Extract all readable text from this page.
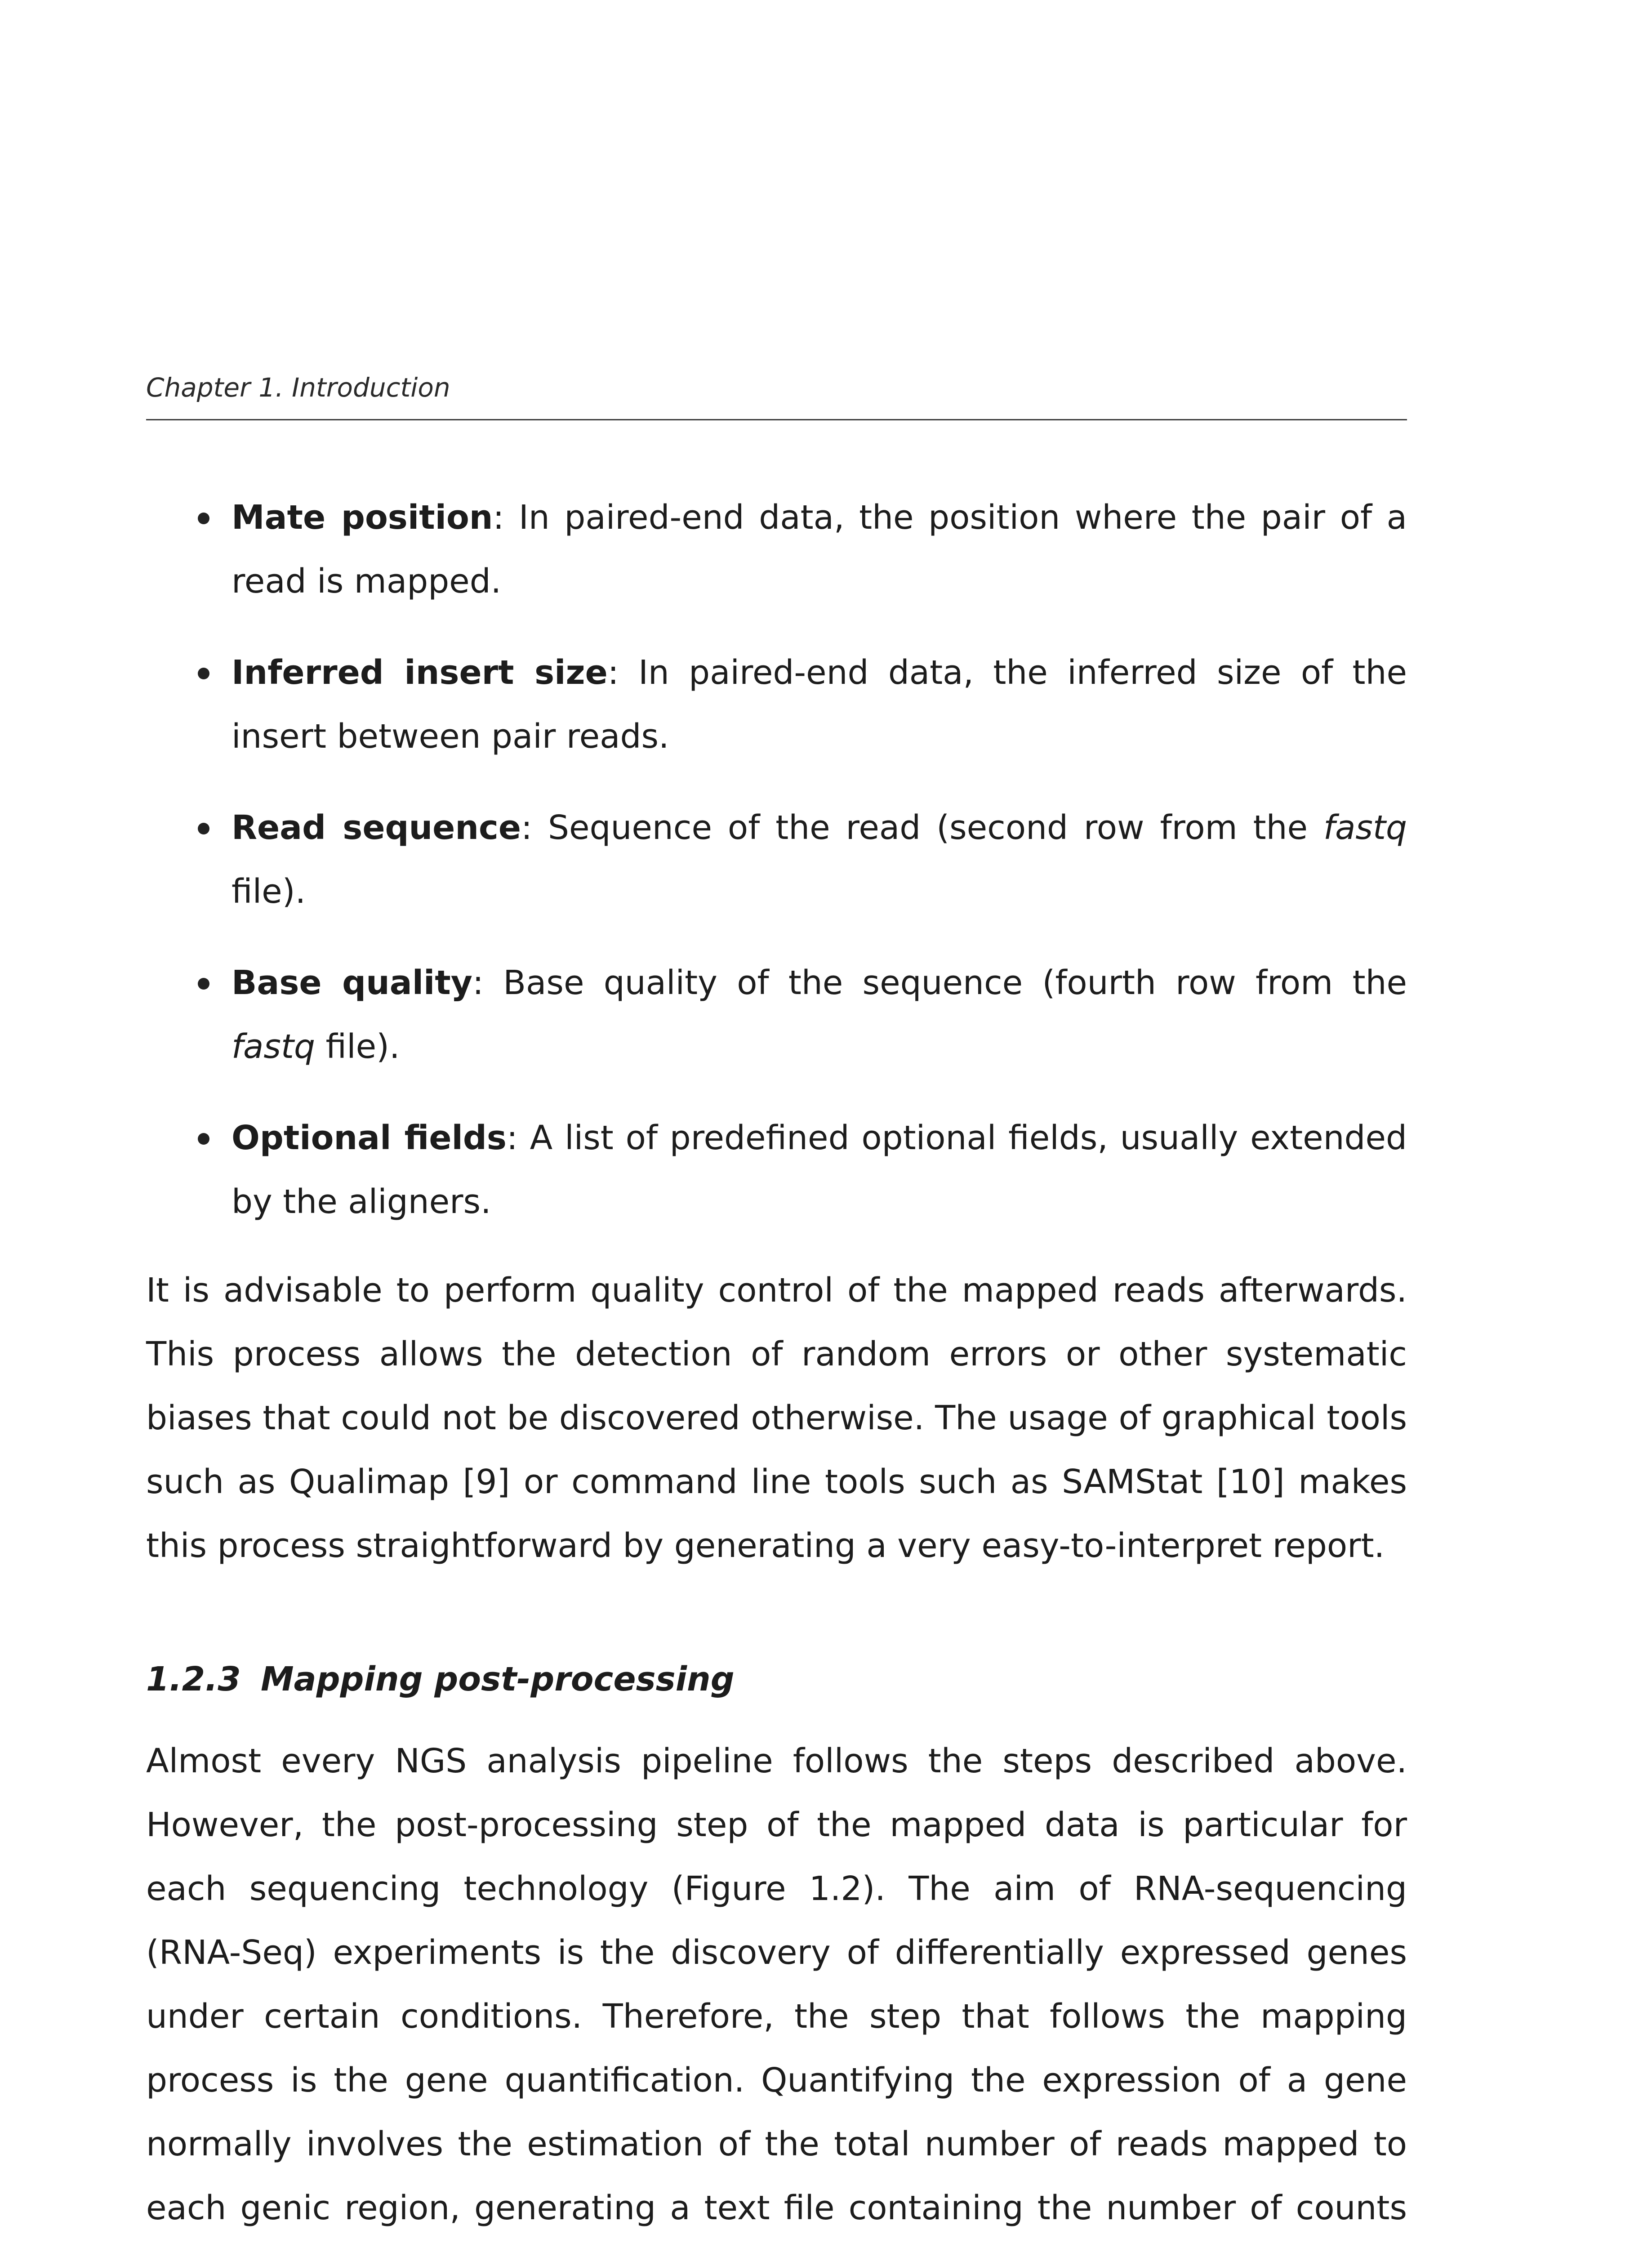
Chapter 1. Introduction
Mate position: In paired-end data, the position where the pair of a read is mapped.
Inferred insert size: In paired-end data, the inferred size of the insert between pair reads.
Read sequence: Sequence of the read (second row from the fastq file).
Base quality: Base quality of the sequence (fourth row from the fastq file).
Optional fields: A list of predefined optional fields, usually extended by the aligners.

It is advisable to perform quality control of the mapped reads afterwards. This process allows the detection of random errors or other systematic biases that could not be discovered otherwise. The usage of graphical tools such as Qualimap [9] or command line tools such as SAMStat [10] makes this process straightforward by generating a very easy-to-interpret report.

1.2.3 Mapping post-processing

Almost every NGS analysis pipeline follows the steps described above. However, the post-processing step of the mapped data is particular for each sequencing technology (Figure 1.2). The aim of RNA-sequencing (RNA-Seq) experiments is the discovery of differentially expressed genes under certain conditions. Therefore, the step that follows the mapping process is the gene quantification. Quantifying the expression of a gene normally involves the estimation of the total number of reads mapped to each genic region, generating a text file containing the number of counts
